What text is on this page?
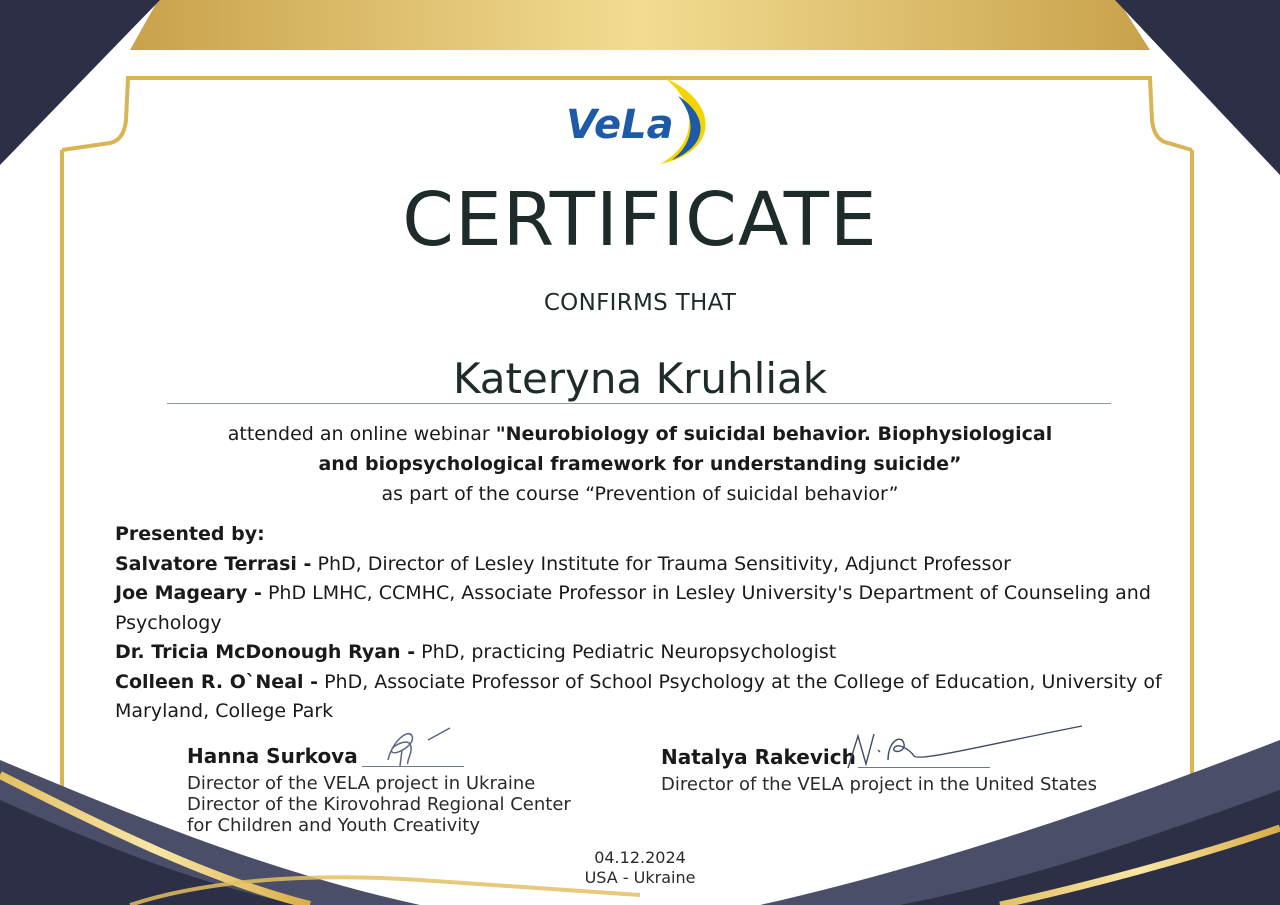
VeLa
CERTIFICATE
CONFIRMS THAT
Kateryna Kruhliak
attended an online webinar "Neurobiology of suicidal behavior. Biophysiological
and biopsychological framework for understanding suicide”
as part of the course “Prevention of suicidal behavior”
Presented by:
Salvatore Terrasi - PhD, Director of Lesley Institute for Trauma Sensitivity, Adjunct Professor
Joe Mageary - PhD LMHC, CCMHC, Associate Professor in Lesley University's Department of Counseling and Psychology
Dr. Tricia McDonough Ryan - PhD, practicing Pediatric Neuropsychologist
Colleen R. O`Neal - PhD, Associate Professor of School Psychology at the College of Education, University of Maryland, College Park
Hanna Surkova
Director of the VELA project in Ukraine
Director of the Kirovohrad Regional Center
for Children and Youth Creativity
Natalya Rakevich
Director of the VELA project in the United States
04.12.2024
USA - Ukraine
